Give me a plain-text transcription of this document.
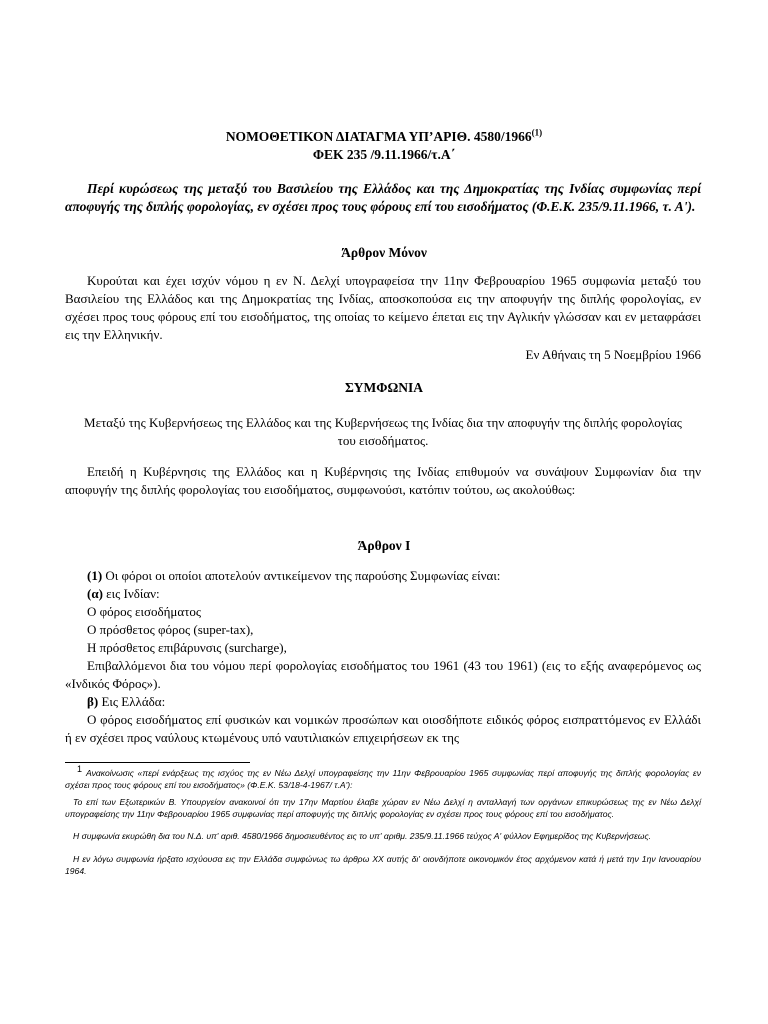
ΝΟΜΟΘΕΤΙΚΟΝ ΔΙΑΤΑΓΜΑ ΥΠ’ΑΡΙΘ. 4580/1966$^{(1)}$
ΦΕΚ 235 /9.11.1966/τ.Α΄

Περί κυρώσεως της μεταξύ του Βασιλείου της Ελλάδος και της Δημοκρατίας της Ινδίας συμφωνίας περί αποφυγής της διπλής φορολογίας, εν σχέσει προς τους φόρους επί του εισοδήματος (Φ.Ε.Κ. 235/9.11.1966, τ. Α').

Άρθρον Μόνον

Κυρούται και έχει ισχύν νόμου η εν Ν. Δελχί υπογραφείσα την 11ην Φεβρουαρίου 1965 συμφωνία μεταξύ του Βασιλείου της Ελλάδος και της Δημοκρατίας της Ινδίας, αποσκοπούσα εις την αποφυγήν της διπλής φορολογίας, εν σχέσει προς τους φόρους επί του εισοδήματος, της οποίας το κείμενο έπεται εις την Αγλικήν γλώσσαν και εν μεταφράσει εις την Ελληνικήν.

Εν Αθήναις τη 5 Νοεμβρίου 1966
ΣΥΜΦΩΝΙΑ

Μεταξύ της Κυβερνήσεως της Ελλάδος και της Κυβερνήσεως της Ινδίας δια την αποφυγήν της διπλής φορολογίας του εισοδήματος.

Επειδή η Κυβέρνησις της Ελλάδος και η Κυβέρνησις της Ινδίας επιθυμούν να συνάψουν Συμφωνίαν δια την αποφυγήν της διπλής φορολογίας του εισοδήματος, συμφωνούσι, κατόπιν τούτου, ως ακολούθως:

Άρθρον Ι
(1) Οι φόροι οι οποίοι αποτελούν αντικείμενον της παρούσης Συμφωνίας είναι:
(α) εις Ινδίαν:
Ο φόρος εισοδήματος
Ο πρόσθετος φόρος (super-tax),
Η πρόσθετος επιβάρυνσις (surcharge),

Επιβαλλόμενοι δια του νόμου περί φορολογίας εισοδήματος του 1961 (43 του 1961) (εις το εξής αναφερόμενος ως «Ινδικός Φόρος»).

β) Εις Ελλάδα:

Ο φόρος εισοδήματος επί φυσικών και νομικών προσώπων και οιοσδήποτε ειδικός φόρος εισπραττόμενος εν Ελλάδι ή εν σχέσει προς ναύλους κτωμένους υπό ναυτιλιακών επιχειρήσεων εκ της

1 Ανακοίνωσις «περί ενάρξεως της ισχύος της εν Νέω Δελχί υπογραφείσης την 11ην Φεβρουαρίου 1965 συμφωνίας περί αποφυγής της διπλής φορολογίας εν σχέσει προς τους φόρους επί του εισοδήματος» (Φ.Ε.Κ. 53/18-4-1967/ τ.Α'):

Το επί των Εξωτερικών Β. Υπουργείον ανακοινοί ότι την 17ην Μαρτίου έλαβε χώραν εν Νέω Δελχί η ανταλλαγή των οργάνων επικυρώσεως της εν Νέω Δελχί υπογραφείσης την 11ην Φεβρουαρίου 1965 συμφωνίας περί αποφυγής της διπλής φορολογίας εν σχέσει προς τους φόρους επί του εισοδήματος.

Η συμφωνία εκυρώθη δια του Ν.Δ. υπ' αριθ. 4580/1966 δημοσιευθέντος εις το υπ' αριθμ. 235/9.11.1966 τεύχος Α' φύλλον Εφημερίδος της Κυβερνήσεως.

Η εν λόγω συμφωνία ήρξατο ισχύουσα εις την Ελλάδα συμφώνως τω άρθρω ΧΧ αυτής δι' οιονδήποτε οικονομικόν έτος αρχόμενον κατά ή μετά την 1ην Ιανουαρίου 1964.
